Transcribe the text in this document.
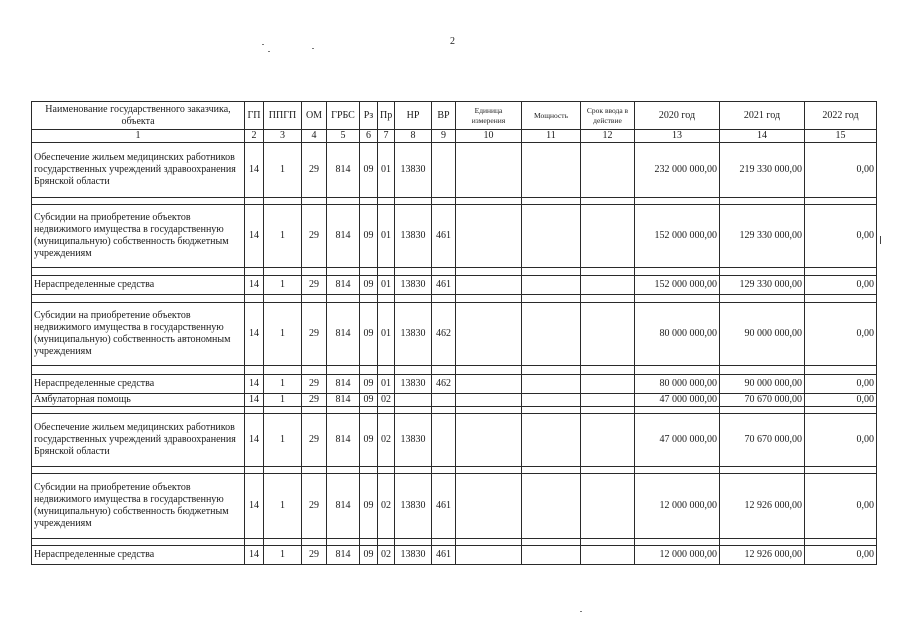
2
Наименование государственного заказчика, объекта	ГП	ППГП	ОМ	ГРБС	Рз	Пр	НР	ВР	Единица измерения	Мощность	Срок ввода в действие	2020 год	2021 год	2022 год
1	2	3	4	5	6	7	8	9	10	11	12	13	14	15
Обеспечение жильем медицинских работников государственных учреждений здравоохранения Брянской области	14	1	29	814	09	01	13830					232 000 000,00	219 330 000,00	0,00

Субсидии на приобретение объектов недвижимого имущества в государственную (муниципальную) собственность бюджетным учреждениям	14	1	29	814	09	01	13830	461				152 000 000,00	129 330 000,00	0,00

Нераспределенные средства	14	1	29	814	09	01	13830	461				152 000 000,00	129 330 000,00	0,00

Субсидии на приобретение объектов недвижимого имущества в государственную (муниципальную) собственность автономным учреждениям	14	1	29	814	09	01	13830	462				80 000 000,00	90 000 000,00	0,00

Нераспределенные средства	14	1	29	814	09	01	13830	462				80 000 000,00	90 000 000,00	0,00
Амбулаторная помощь	14	1	29	814	09	02						47 000 000,00	70 670 000,00	0,00

Обеспечение жильем медицинских работников государственных учреждений здравоохранения Брянской области	14	1	29	814	09	02	13830					47 000 000,00	70 670 000,00	0,00

Субсидии на приобретение объектов недвижимого имущества в государственную (муниципальную) собственность бюджетным учреждениям	14	1	29	814	09	02	13830	461				12 000 000,00	12 926 000,00	0,00

Нераспределенные средства	14	1	29	814	09	02	13830	461				12 000 000,00	12 926 000,00	0,00
